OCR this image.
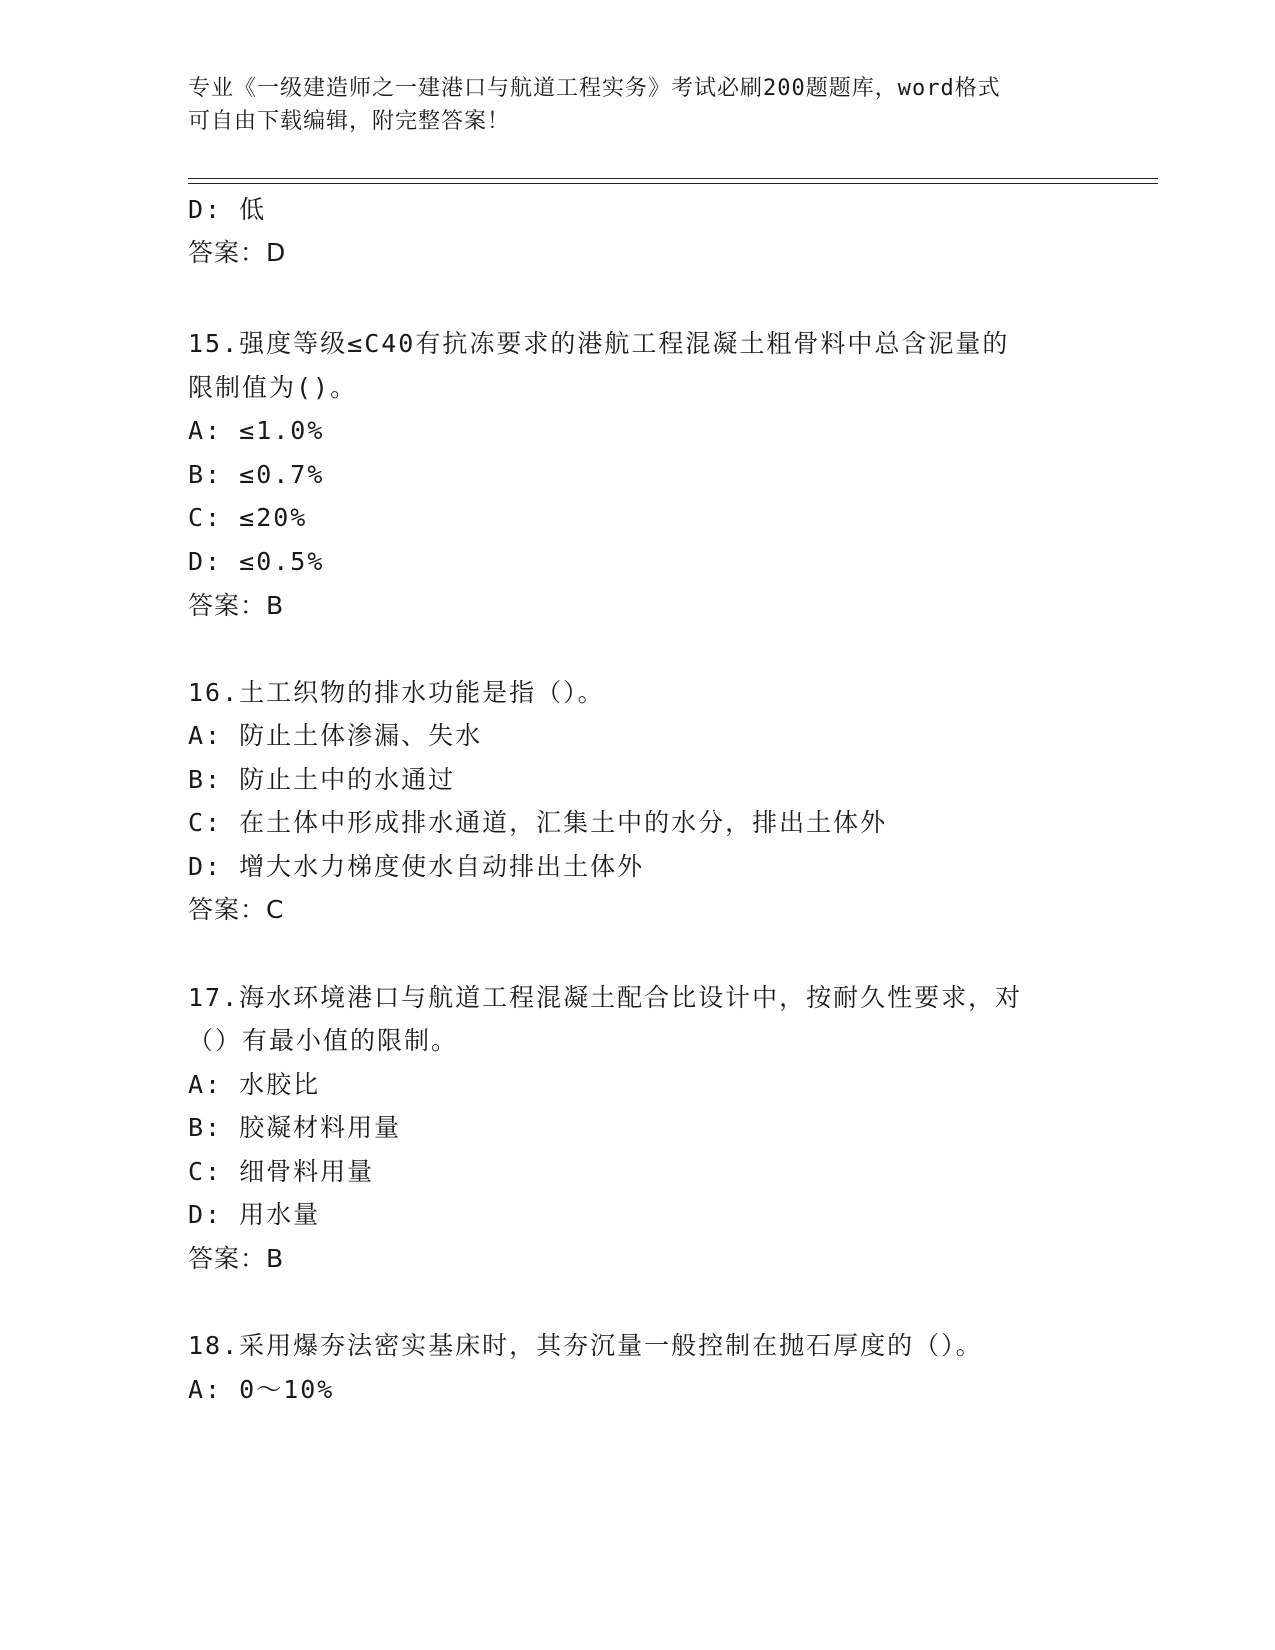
专业《一级建造师之一建港口与航道工程实务》考试必刷200题题库，word格式
可自由下载编辑，附完整答案！
D: 低
答案：D
15.强度等级≤C40有抗冻要求的港航工程混凝土粗骨料中总含泥量的
限制值为()。
A: ≤1.0%
B: ≤0.7%
C: ≤20%
D: ≤0.5%
答案：B
16.土工织物的排水功能是指（）。
A: 防止土体渗漏、失水
B: 防止土中的水通过
C: 在土体中形成排水通道，汇集土中的水分，排出土体外
D: 增大水力梯度使水自动排出土体外
答案：C
17.海水环境港口与航道工程混凝土配合比设计中，按耐久性要求，对
（）有最小值的限制。
A: 水胶比
B: 胶凝材料用量
C: 细骨料用量
D: 用水量
答案：B
18.采用爆夯法密实基床时，其夯沉量一般控制在抛石厚度的（）。
A: 0～10%
